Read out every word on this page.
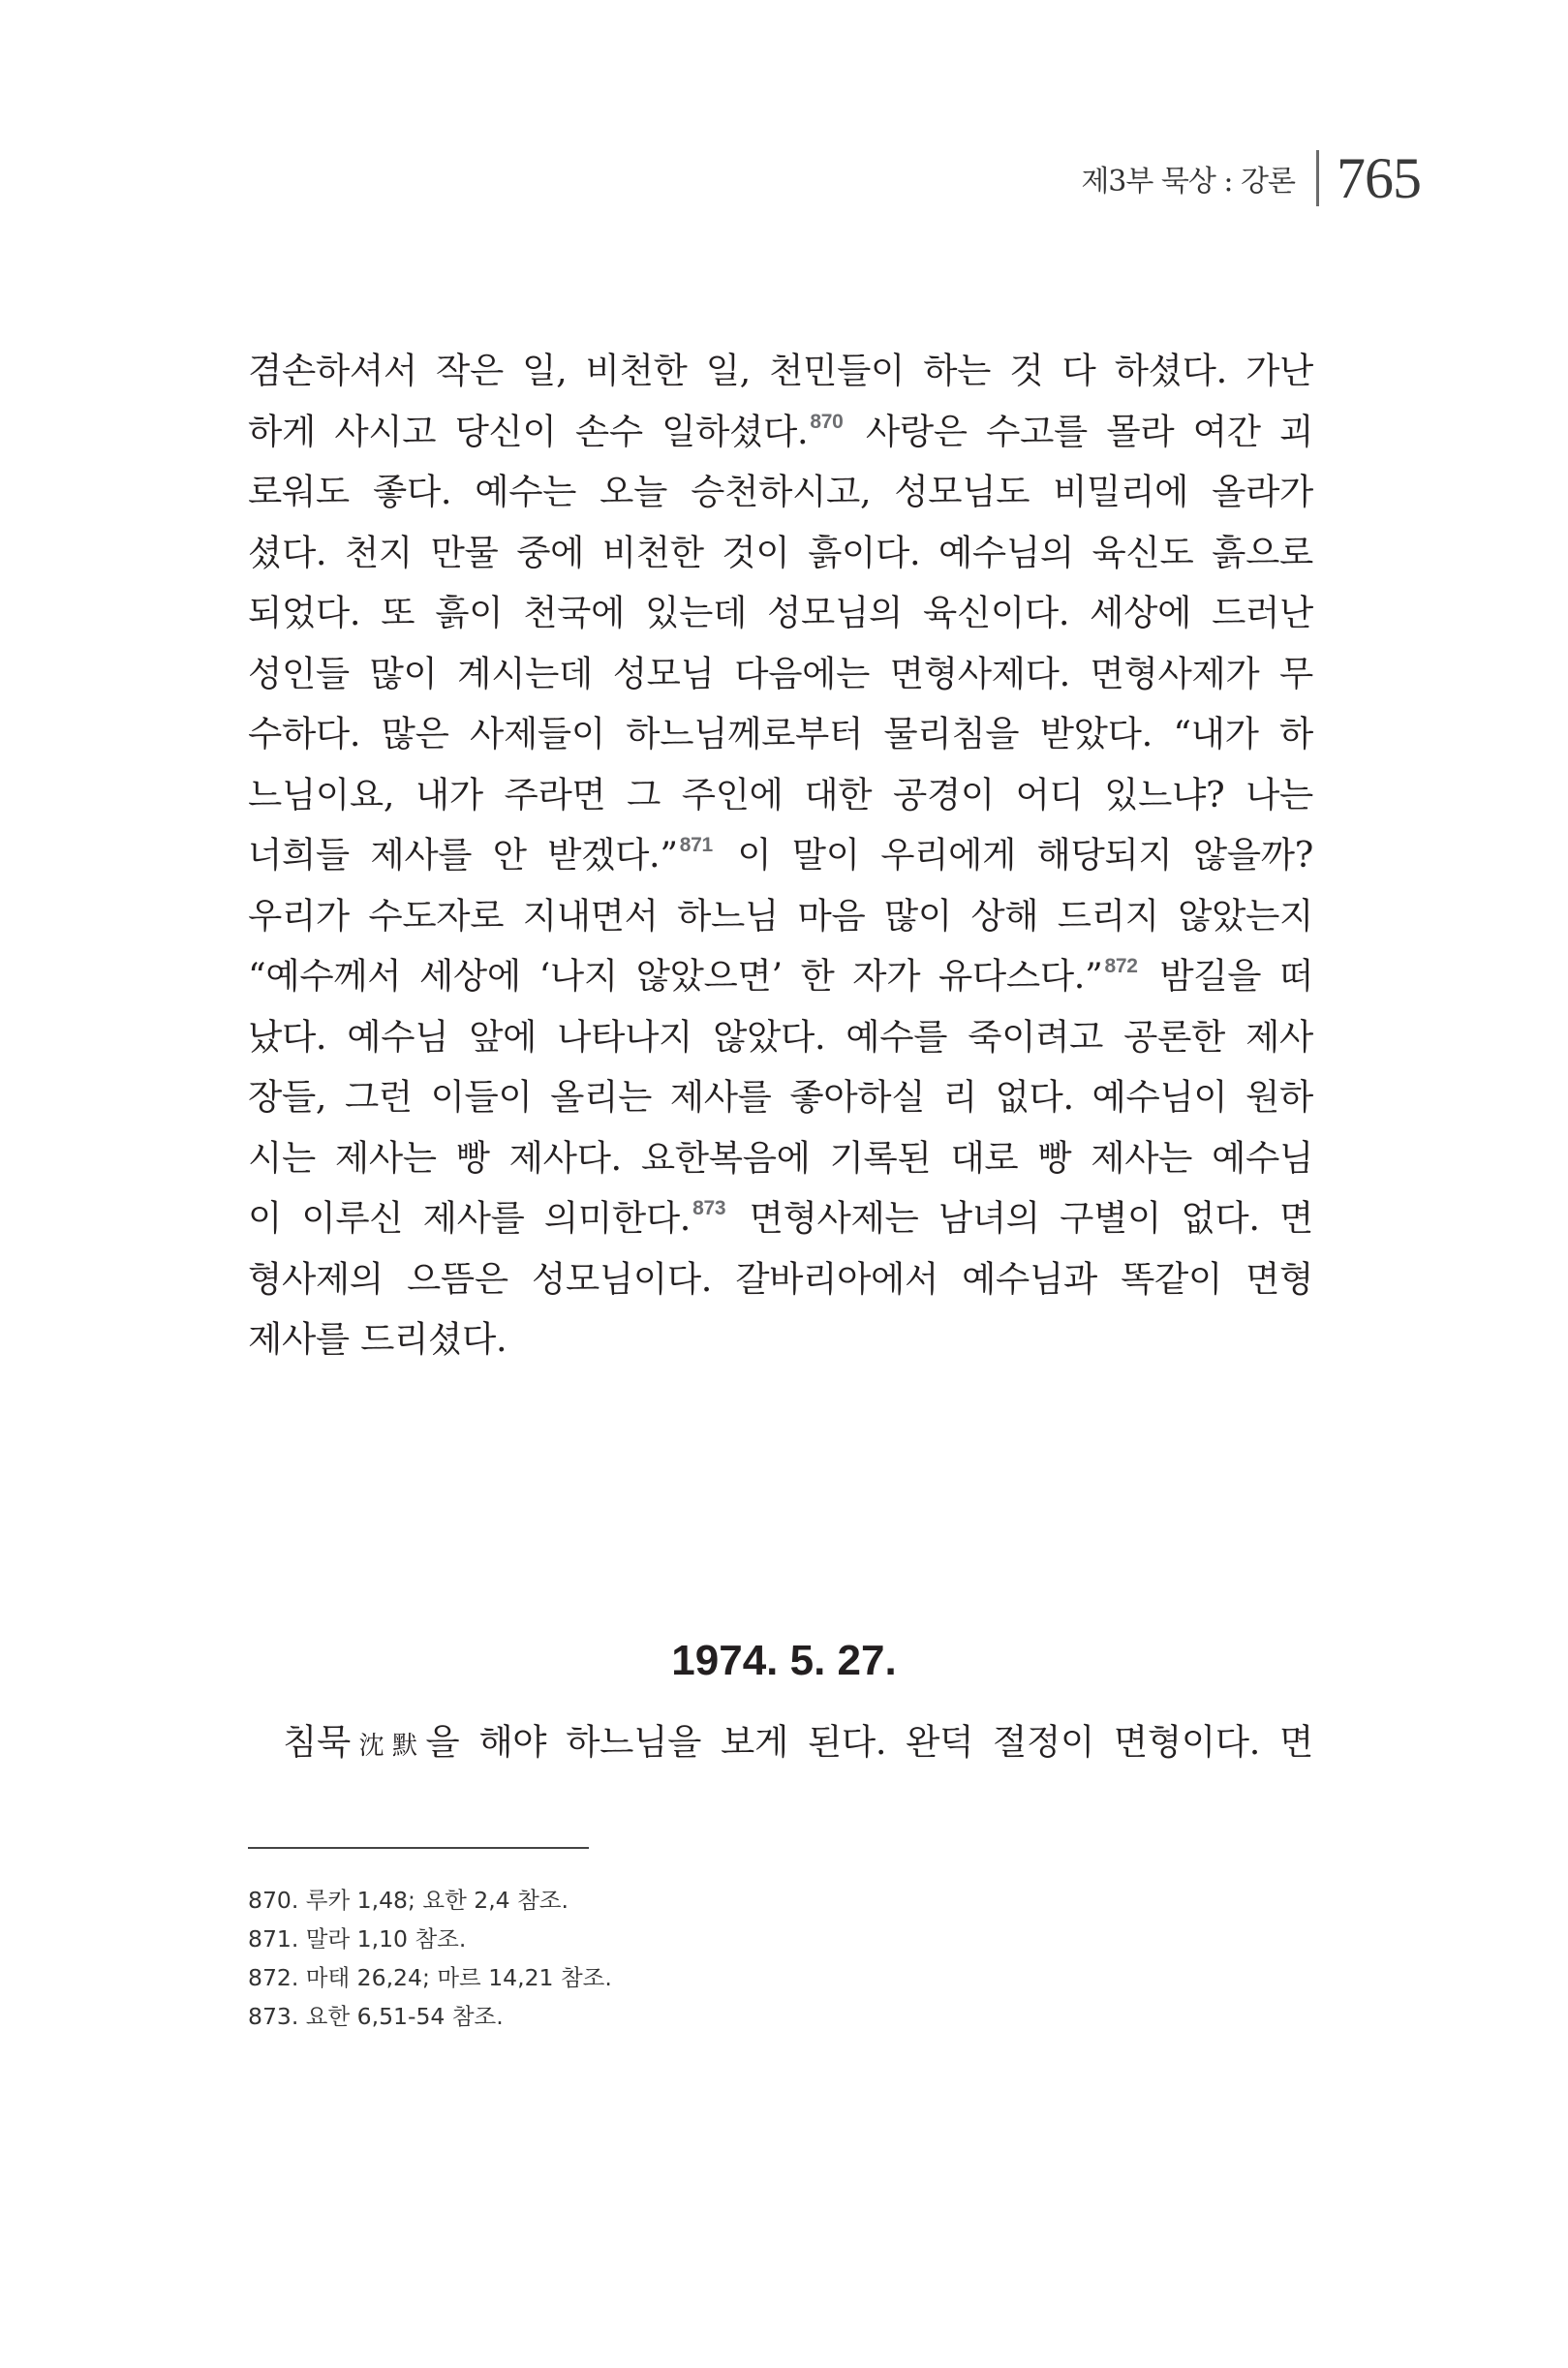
제3부 묵상 : 강론 765
겸손하셔서 작은 일, 비천한 일, 천민들이 하는 것 다 하셨다. 가난
하게 사시고 당신이 손수 일하셨다.$^{870}$ 사랑은 수고를 몰라 여간 괴
로워도 좋다. 예수는 오늘 승천하시고, 성모님도 비밀리에 올라가
셨다. 천지 만물 중에 비천한 것이 흙이다. 예수님의 육신도 흙으로
되었다. 또 흙이 천국에 있는데 성모님의 육신이다. 세상에 드러난
성인들 많이 계시는데 성모님 다음에는 면형사제다. 면형사제가 무
수하다. 많은 사제들이 하느님께로부터 물리침을 받았다. “내가 하
느님이요, 내가 주라면 그 주인에 대한 공경이 어디 있느냐? 나는
너희들 제사를 안 받겠다.”$^{871}$ 이 말이 우리에게 해당되지 않을까?
우리가 수도자로 지내면서 하느님 마음 많이 상해 드리지 않았는지
“예수께서 세상에 ‘나지 않았으면’ 한 자가 유다스다.”$^{872}$ 밤길을 떠
났다. 예수님 앞에 나타나지 않았다. 예수를 죽이려고 공론한 제사
장들, 그런 이들이 올리는 제사를 좋아하실 리 없다. 예수님이 원하
시는 제사는 빵 제사다. 요한복음에 기록된 대로 빵 제사는 예수님
이 이루신 제사를 의미한다.$^{873}$ 면형사제는 남녀의 구별이 없다. 면
형사제의 으뜸은 성모님이다. 갈바리아에서 예수님과 똑같이 면형
제사를 드리셨다.
1974. 5. 27.
침묵沈默을 해야 하느님을 보게 된다. 완덕 절정이 면형이다. 면
870. 루카 1,48; 요한 2,4 참조.
871. 말라 1,10 참조.
872. 마태 26,24; 마르 14,21 참조.
873. 요한 6,51-54 참조.
